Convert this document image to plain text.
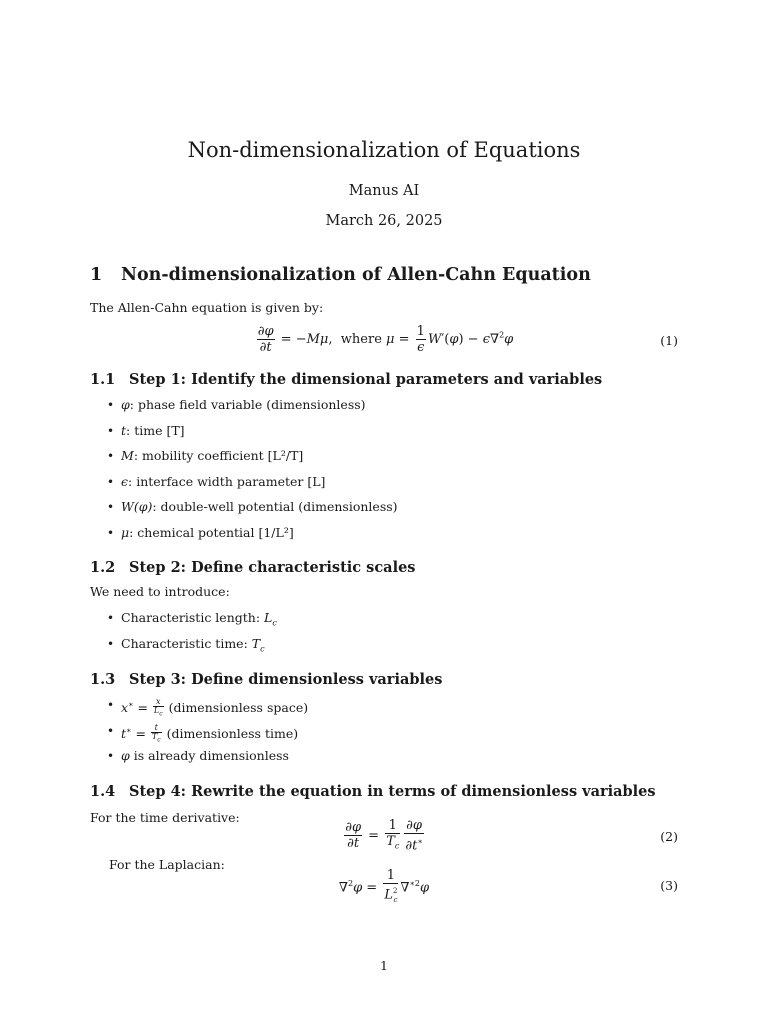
Non-dimensionalization of Equations
Manus AI
March 26, 2025
1 Non-dimensionalization of Allen-Cahn Equation
The Allen-Cahn equation is given by:
$\frac{\partial\varphi}{\partial t} = -M\mu$,  where $\mu = \frac{1}{\epsilon} W'(\varphi) - \epsilon\nabla^2\varphi$	(1)
1.1 Step 1: Identify the dimensional parameters and variables
• φ: phase field variable (dimensionless)
• t: time [T]
• M: mobility coefficient [L²/T]
• ϵ: interface width parameter [L]
• W(φ): double-well potential (dimensionless)
• μ: chemical potential [1/L²]
1.2 Step 2: Define characteristic scales
We need to introduce:
• Characteristic length: $L_c$
• Characteristic time: $T_c$
1.3 Step 3: Define dimensionless variables
• $x^∗ = \frac{x}{L_c}$ (dimensionless space)
• $t^∗ = \frac{t}{T_c}$ (dimensionless time)
• φ is already dimensionless
1.4 Step 4: Rewrite the equation in terms of dimensionless variables
For the time derivative:
$\frac{\partial\varphi}{\partial t} = \frac{1}{T_c} \frac{\partial\varphi}{\partial t^∗}$	(2)
For the Laplacian:
$\nabla^2\varphi = \frac{1}{L^2_c} \nabla^{∗2}\varphi$	(3)
1
